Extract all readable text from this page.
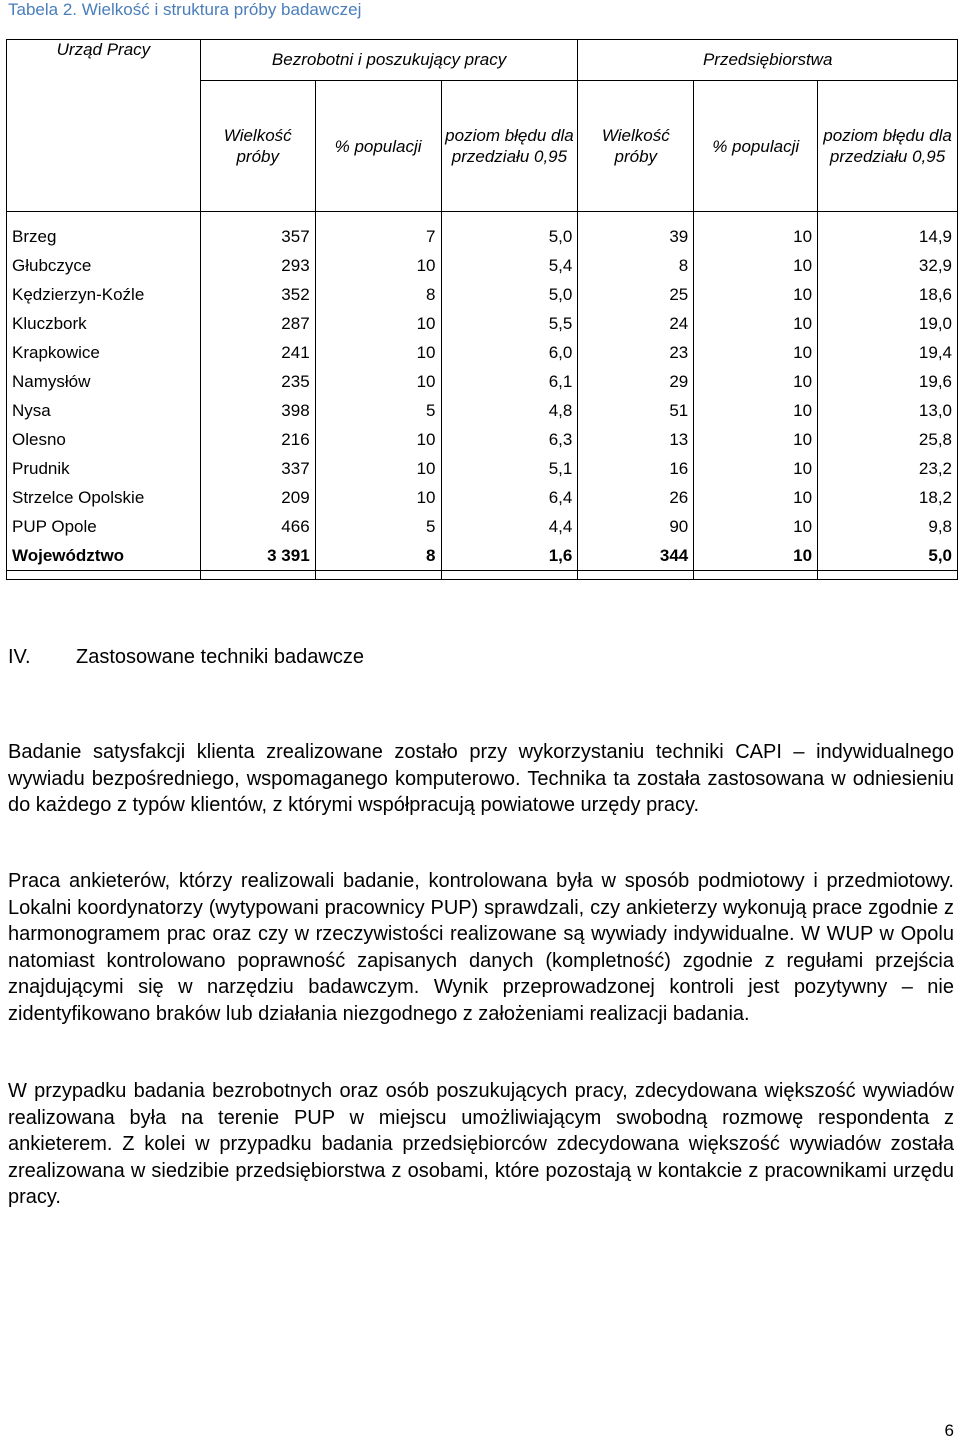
Tabela 2. Wielkość i struktura próby badawczej
Urząd Pracy	Bezrobotni i poszukujący pracy			Przedsiębiorstwa		
	Wielkość próby	% populacji	poziom błędu dla przedziału 0,95	Wielkość próby	% populacji	poziom błędu dla przedziału 0,95

Brzeg	357	7	5,0	39	10	14,9
Głubczyce	293	10	5,4	8	10	32,9
Kędzierzyn-Koźle	352	8	5,0	25	10	18,6
Kluczbork	287	10	5,5	24	10	19,0
Krapkowice	241	10	6,0	23	10	19,4
Namysłów	235	10	6,1	29	10	19,6
Nysa	398	5	4,8	51	10	13,0
Olesno	216	10	6,3	13	10	25,8
Prudnik	337	10	5,1	16	10	23,2
Strzelce Opolskie	209	10	6,4	26	10	18,2
PUP Opole	466	5	4,4	90	10	9,8
Województwo	3 391	8	1,6	344	10	5,0

IV. Zastosowane techniki badawcze

Badanie satysfakcji klienta zrealizowane zostało przy wykorzystaniu techniki CAPI – indywidualnego wywiadu bezpośredniego, wspomaganego komputerowo. Technika ta została zastosowana w odniesieniu do każdego z typów klientów, z którymi współpracują powiatowe urzędy pracy.

Praca ankieterów, którzy realizowali badanie, kontrolowana była w sposób podmiotowy i przedmiotowy. Lokalni koordynatorzy (wytypowani pracownicy PUP) sprawdzali, czy ankieterzy wykonują prace zgodnie z harmonogramem prac oraz czy w rzeczywistości realizowane są wywiady indywidualne. W WUP w Opolu natomiast kontrolowano poprawność zapisanych danych (kompletność) zgodnie z regułami przejścia znajdującymi się w narzędziu badawczym. Wynik przeprowadzonej kontroli jest pozytywny – nie zidentyfikowano braków lub działania niezgodnego z założeniami realizacji badania.

W przypadku badania bezrobotnych oraz osób poszukujących pracy, zdecydowana większość wywiadów realizowana była na terenie PUP w miejscu umożliwiającym swobodną rozmowę respondenta z ankieterem. Z kolei w przypadku badania przedsiębiorców zdecydowana większość wywiadów została zrealizowana w siedzibie przedsiębiorstwa z osobami, które pozostają w kontakcie z pracownikami urzędu pracy.

6
